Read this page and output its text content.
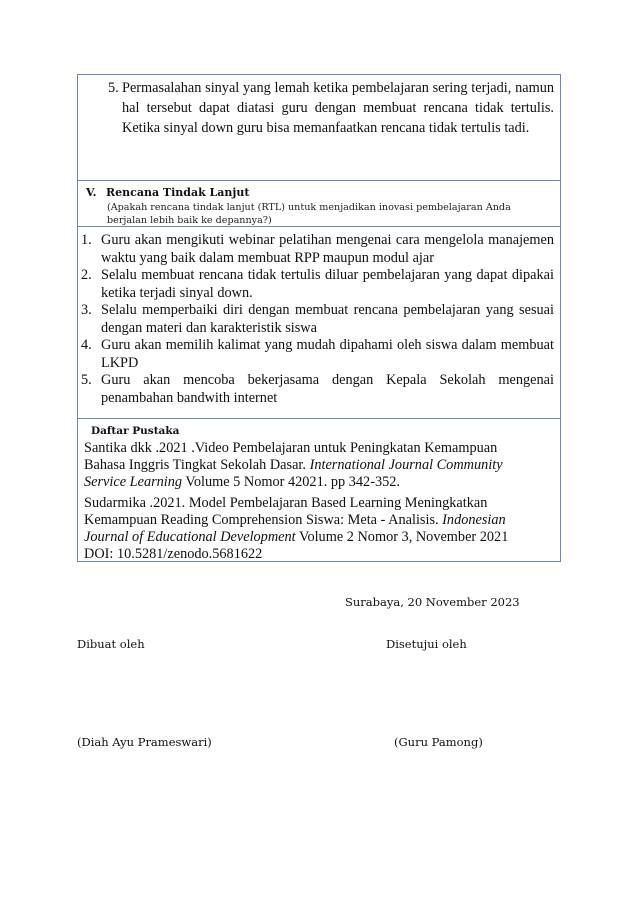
5. Permasalahan sinyal yang lemah ketika pembelajaran sering terjadi, namun hal tersebut dapat diatasi guru dengan membuat rencana tidak tertulis. Ketika sinyal down guru bisa memanfaatkan rencana tidak tertulis tadi.
V. Rencana Tindak Lanjut
(Apakah rencana tindak lanjut (RTL) untuk menjadikan inovasi pembelajaran Anda berjalan lebih baik ke depannya?)
1. Guru akan mengikuti webinar pelatihan mengenai cara mengelola manajemen waktu yang baik dalam membuat RPP maupun modul ajar
2. Selalu membuat rencana tidak tertulis diluar pembelajaran yang dapat dipakai ketika terjadi sinyal down.
3. Selalu memperbaiki diri dengan membuat rencana pembelajaran yang sesuai dengan materi dan karakteristik siswa
4. Guru akan memilih kalimat yang mudah dipahami oleh siswa dalam membuat LKPD
5. Guru akan mencoba bekerjasama dengan Kepala Sekolah mengenai penambahan bandwith internet
Daftar Pustaka
Santika dkk .2021 .Video Pembelajaran untuk Peningkatan Kemampuan Bahasa Inggris Tingkat Sekolah Dasar. International Journal Community Service Learning Volume 5 Nomor 42021. pp 342-352.
Sudarmika .2021. Model Pembelajaran Based Learning Meningkatkan Kemampuan Reading Comprehension Siswa: Meta - Analisis. Indonesian Journal of Educational Development Volume 2 Nomor 3, November 2021 DOI: 10.5281/zenodo.5681622
Surabaya, 20 November 2023
Dibuat oleh	Disetujui oleh
(Diah Ayu Prameswari)	(Guru Pamong)
